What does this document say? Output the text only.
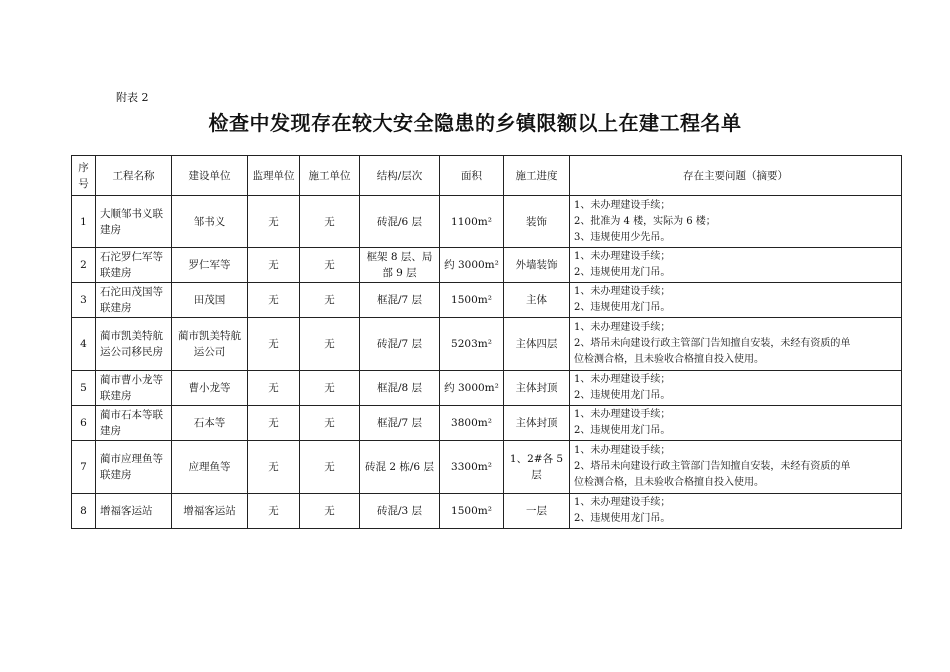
附表 2
检查中发现存在较大安全隐患的乡镇限额以上在建工程名单
序号	工程名称	建设单位	监理单位	施工单位	结构/层次	面积	施工进度	存在主要问题（摘要）
1	大顺邹书义联建房	邹书义	无	无	砖混/6 层	1100m²	装饰	1、未办理建设手续；
2、批准为 4 楼，实际为 6 楼；
3、违规使用少先吊。

2	石沱罗仁军等联建房	罗仁军等	无	无	框架 8 层、局部 9 层	约 3000m²	外墙装饰	1、未办理建设手续；
2、违规使用龙门吊。

3	石沱田茂国等联建房	田茂国	无	无	框混/7 层	1500m²	主体	1、未办理建设手续；
2、违规使用龙门吊。

4	蔺市凯美特航运公司移民房	蔺市凯美特航运公司	无	无	砖混/7 层	5203m²	主体四层	1、未办理建设手续；
2、塔吊未向建设行政主管部门告知擅自安装，未经有资质的单
位检测合格，且未验收合格擅自投入使用。

5	蔺市曹小龙等联建房	曹小龙等	无	无	框混/8 层	约 3000m²	主体封顶	1、未办理建设手续；
2、违规使用龙门吊。

6	蔺市石本等联建房	石本等	无	无	框混/7 层	3800m²	主体封顶	1、未办理建设手续；
2、违规使用龙门吊。

7	蔺市应理鱼等联建房	应理鱼等	无	无	砖混 2 栋/6 层	3300m²	1、2#各 5 层	1、未办理建设手续；
2、塔吊未向建设行政主管部门告知擅自安装，未经有资质的单
位检测合格，且未验收合格擅自投入使用。

8	增福客运站	增福客运站	无	无	砖混/3 层	1500m²	一层	1、未办理建设手续；
2、违规使用龙门吊。
